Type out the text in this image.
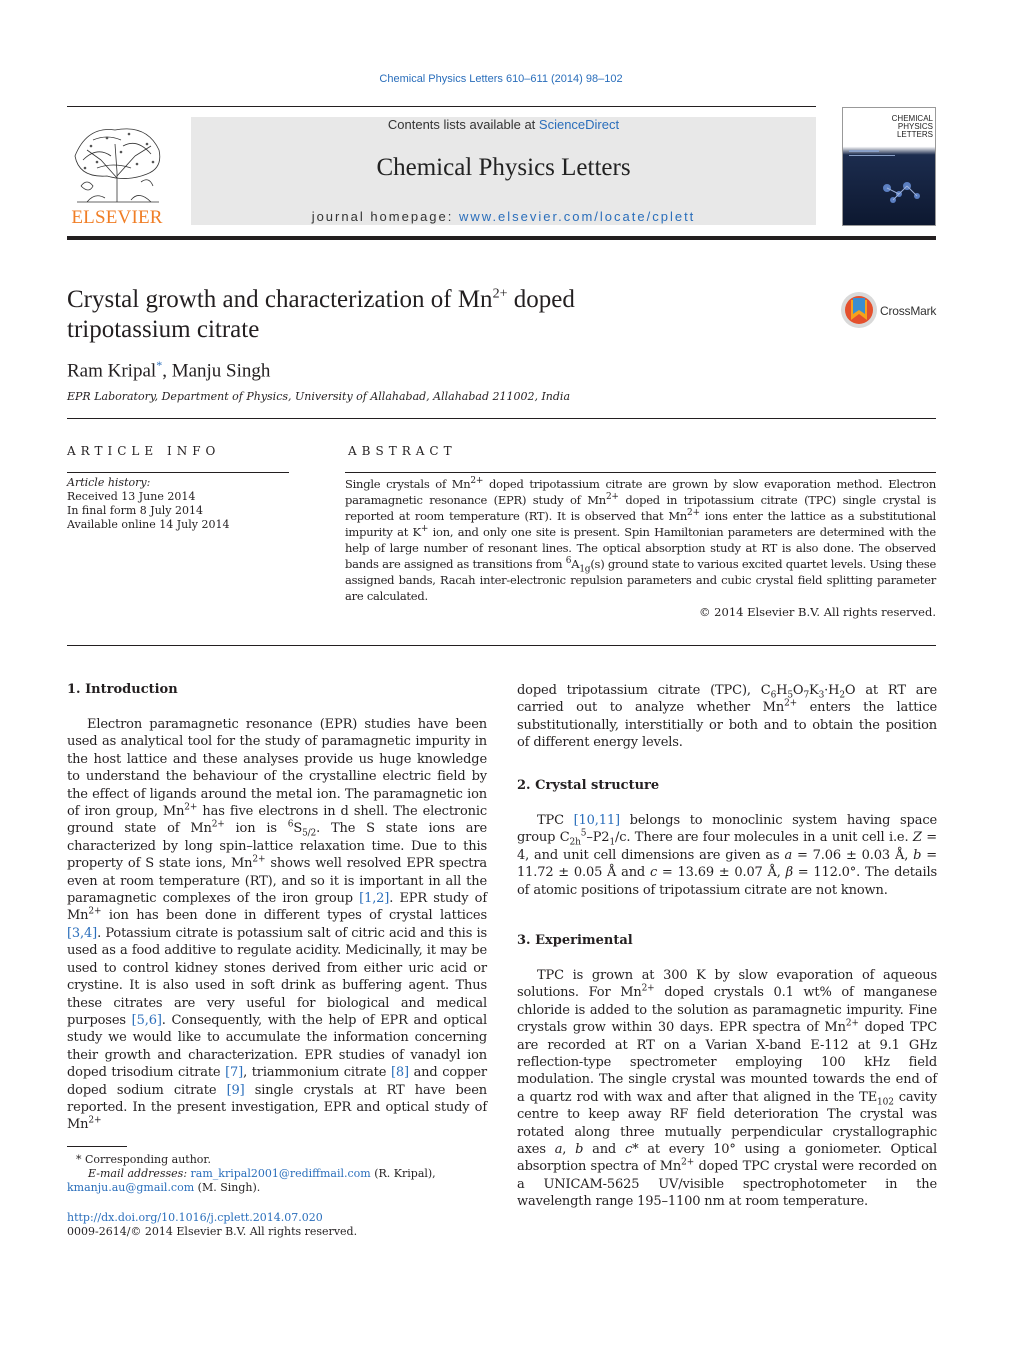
Chemical Physics Letters 610–611 (2014) 98–102
ELSEVIER
Contents lists available at ScienceDirect
Chemical Physics Letters
journal homepage: www.elsevier.com/locate/cplett
CHEMICAL
PHYSICS
LETTERS
Crystal growth and characterization of $Mn^{2+}$ doped
tripotassium citrate
CrossMark
Ram Kripal*, Manju Singh
EPR Laboratory, Department of Physics, University of Allahabad, Allahabad 211002, India
ARTICLE INFO
Article history:
Received 13 June 2014
In final form 8 July 2014
Available online 14 July 2014
ABSTRACT
Single crystals of $Mn^{2+}$ doped tripotassium citrate are grown by slow evaporation method. Electron paramagnetic resonance (EPR) study of $Mn^{2+}$ doped in tripotassium citrate (TPC) single crystal is reported at room temperature (RT). It is observed that $Mn^{2+}$ ions enter the lattice as a substitutional impurity at K+ ion, and only one site is present. Spin Hamiltonian parameters are determined with the help of large number of resonant lines. The optical absorption study at RT is also done. The observed bands are assigned as transitions from $^6A_{1g}(s)$ ground state to various excited quartet levels. Using these assigned bands, Racah inter-electronic repulsion parameters and cubic crystal field splitting parameter are calculated.
© 2014 Elsevier B.V. All rights reserved.
1. Introduction
Electron paramagnetic resonance (EPR) studies have been used as analytical tool for the study of paramagnetic impurity in the host lattice and these analyses provide us huge knowledge to understand the behaviour of the crystalline electric field by the effect of ligands around the metal ion. The paramagnetic ion of iron group, $Mn^{2+}$ has five electrons in d shell. The electronic ground state of $Mn^{2+}$ ion is $^6S_{5/2}$. The S state ions are characterized by long spin–lattice relaxation time. Due to this property of S state ions, $Mn^{2+}$ shows well resolved EPR spectra even at room temperature (RT), and so it is important in all the paramagnetic complexes of the iron group [1,2]. EPR study of $Mn^{2+}$ ion has been done in different types of crystal lattices [3,4]. Potassium citrate is potassium salt of citric acid and this is used as a food additive to regulate acidity. Medicinally, it may be used to control kidney stones derived from either uric acid or crystine. It is also used in soft drink as buffering agent. Thus these citrates are very useful for biological and medical purposes [5,6]. Consequently, with the help of EPR and optical study we would like to accumulate the information concerning their growth and characterization. EPR studies of vanadyl ion doped trisodium citrate [7], triammonium citrate [8] and copper doped sodium citrate [9] single crystals at RT have been reported. In the present investigation, EPR and optical study of $Mn^{2+}$
* Corresponding author.
E-mail addresses: ram_kripal2001@rediffmail.com (R. Kripal),
kmanju.au@gmail.com (M. Singh).
http://dx.doi.org/10.1016/j.cplett.2014.07.020
0009-2614/© 2014 Elsevier B.V. All rights reserved.
doped tripotassium citrate (TPC), $C_6H_5O_7K_3\cdot H_2O$ at RT are carried out to analyze whether $Mn^{2+}$ enters the lattice substitutionally, interstitially or both and to obtain the position of different energy levels.
2. Crystal structure
TPC [10,11] belongs to monoclinic system having space group $C_{2h}^5-P2_1/c$. There are four molecules in a unit cell i.e. Z = 4, and unit cell dimensions are given as a = 7.06 ± 0.03 Å, b = 11.72 ± 0.05 Å and c = 13.69 ± 0.07 Å, β = 112.0°. The details of atomic positions of tripotassium citrate are not known.
3. Experimental
TPC is grown at 300 K by slow evaporation of aqueous solutions. For $Mn^{2+}$ doped crystals 0.1 wt% of manganese chloride is added to the solution as paramagnetic impurity. Fine crystals grow within 30 days. EPR spectra of $Mn^{2+}$ doped TPC are recorded at RT on a Varian X-band E-112 at 9.1 GHz reflection-type spectrometer employing 100 kHz field modulation. The single crystal was mounted towards the end of a quartz rod with wax and after that aligned in the $TE_{102}$ cavity centre to keep away RF field deterioration The crystal was rotated along three mutually perpendicular crystallographic axes a, b and c* at every 10° using a goniometer. Optical absorption spectra of $Mn^{2+}$ doped TPC crystal were recorded on a UNICAM-5625 UV/visible spectrophotometer in the wavelength range 195–1100 nm at room temperature.
